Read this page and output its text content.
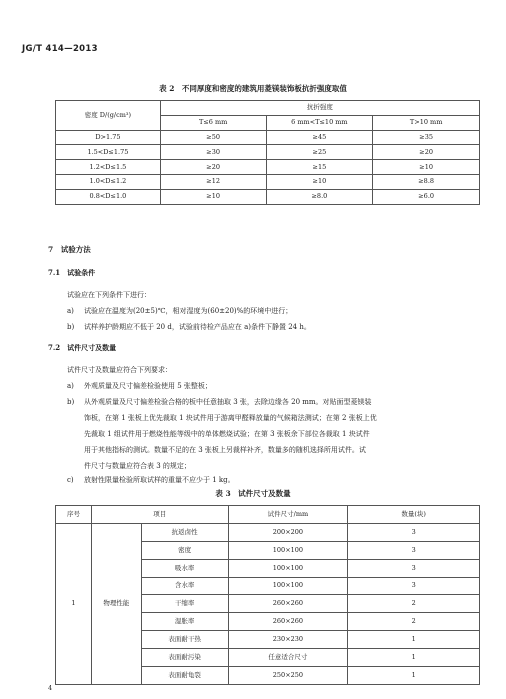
JG/T 414—2013
表 2　不同厚度和密度的建筑用菱镁装饰板抗折强度取值
密度 D/(g/cm³)	抗折强度		
	T≤6 mm	6 mm<T≤10 mm	T>10 mm
D>1.75	≥50	≥45	≥35
1.5<D≤1.75	≥30	≥25	≥20
1.2<D≤1.5	≥20	≥15	≥10
1.0<D≤1.2	≥12	≥10	≥8.8
0.8<D≤1.0	≥10	≥8.0	≥6.0
7　试验方法
7.1　试验条件
试验应在下列条件下进行：
a) 试验应在温度为(20±5)℃，相对湿度为(60±20)%的环境中进行；
b) 试样养护龄期应不低于 20 d，试验前待检产品应在 a)条件下静置 24 h。
7.2　试件尺寸及数量
试件尺寸及数量应符合下列要求：
a) 外观质量及尺寸偏差检验使用 5 张整板；
b) 从外观质量及尺寸偏差检验合格的板中任意抽取 3 张，去除边缘各 20 mm。对贴面型菱镁装
饰板，在第 1 张板上优先裁取 1 块试件用于游离甲醛释放量的气候箱法测试；在第 2 张板上优
先裁取 1 组试件用于燃烧性能等级中的单体燃烧试验；在第 3 张板余下部位各裁取 1 块试件
用于其他指标的测试。数量不足的在 3 张板上另裁样补齐，数量多的随机选择所用试件。试
件尺寸与数量应符合表 3 的规定；
c) 放射性限量检验所取试样的重量不应少于 1 kg。
表 3　试件尺寸及数量
序号	项目		试件尺寸/mm	数量(块)
1	物理性能	抗返卤性	200×200	3
		密度	100×100	3
		吸水率	100×100	3
		含水率	100×100	3
		干缩率	260×260	2
		湿胀率	260×260	2
		表面耐干热	230×230	1
		表面耐污染	任意适合尺寸	1
		表面耐龟裂	250×250	1
4
